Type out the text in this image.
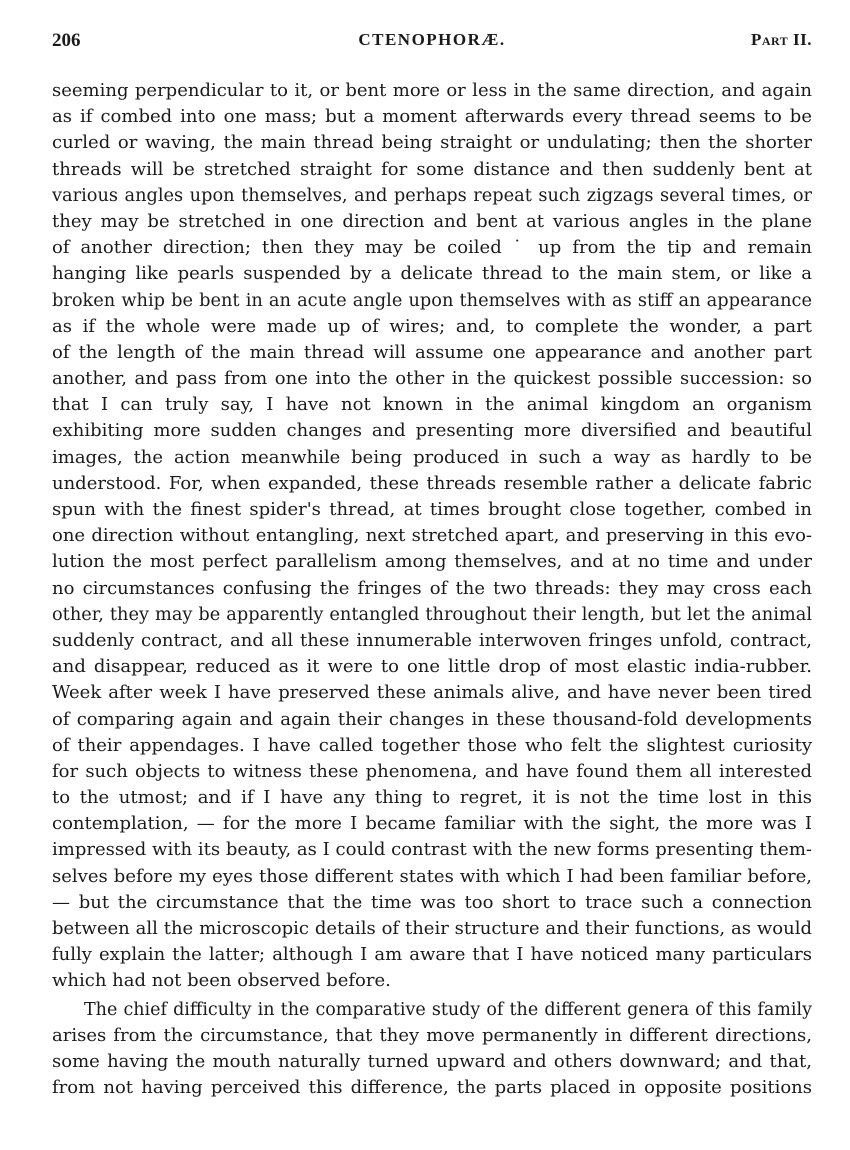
206	CTENOPHORÆ.	Part II.
seeming perpendicular to it, or bent more or less in the same direction, and again
as if combed into one mass; but a moment afterwards every thread seems to be
curled or waving, the main thread being straight or undulating; then the shorter
threads will be stretched straight for some distance and then suddenly bent at
various angles upon themselves, and perhaps repeat such zigzags several times, or
they may be stretched in one direction and bent at various angles in the plane
of another direction; then they may be coiled ˙ up from the tip and remain
hanging like pearls suspended by a delicate thread to the main stem, or like a
broken whip be bent in an acute angle upon themselves with as stiff an appearance
as if the whole were made up of wires; and, to complete the wonder, a part
of the length of the main thread will assume one appearance and another part
another, and pass from one into the other in the quickest possible succession: so
that I can truly say, I have not known in the animal kingdom an organism
exhibiting more sudden changes and presenting more diversified and beautiful
images, the action meanwhile being produced in such a way as hardly to be
understood. For, when expanded, these threads resemble rather a delicate fabric
spun with the finest spider's thread, at times brought close together, combed in
one direction without entangling, next stretched apart, and preserving in this evo-
lution the most perfect parallelism among themselves, and at no time and under
no circumstances confusing the fringes of the two threads: they may cross each
other, they may be apparently entangled throughout their length, but let the animal
suddenly contract, and all these innumerable interwoven fringes unfold, contract,
and disappear, reduced as it were to one little drop of most elastic india-rubber.
Week after week I have preserved these animals alive, and have never been tired
of comparing again and again their changes in these thousand-fold developments
of their appendages. I have called together those who felt the slightest curiosity
for such objects to witness these phenomena, and have found them all interested
to the utmost; and if I have any thing to regret, it is not the time lost in this
contemplation, — for the more I became familiar with the sight, the more was I
impressed with its beauty, as I could contrast with the new forms presenting them-
selves before my eyes those different states with which I had been familiar before,
— but the circumstance that the time was too short to trace such a connection
between all the microscopic details of their structure and their functions, as would
fully explain the latter; although I am aware that I have noticed many particulars
which had not been observed before.
The chief difficulty in the comparative study of the different genera of this family
arises from the circumstance, that they move permanently in different directions,
some having the mouth naturally turned upward and others downward; and that,
from not having perceived this difference, the parts placed in opposite positions
